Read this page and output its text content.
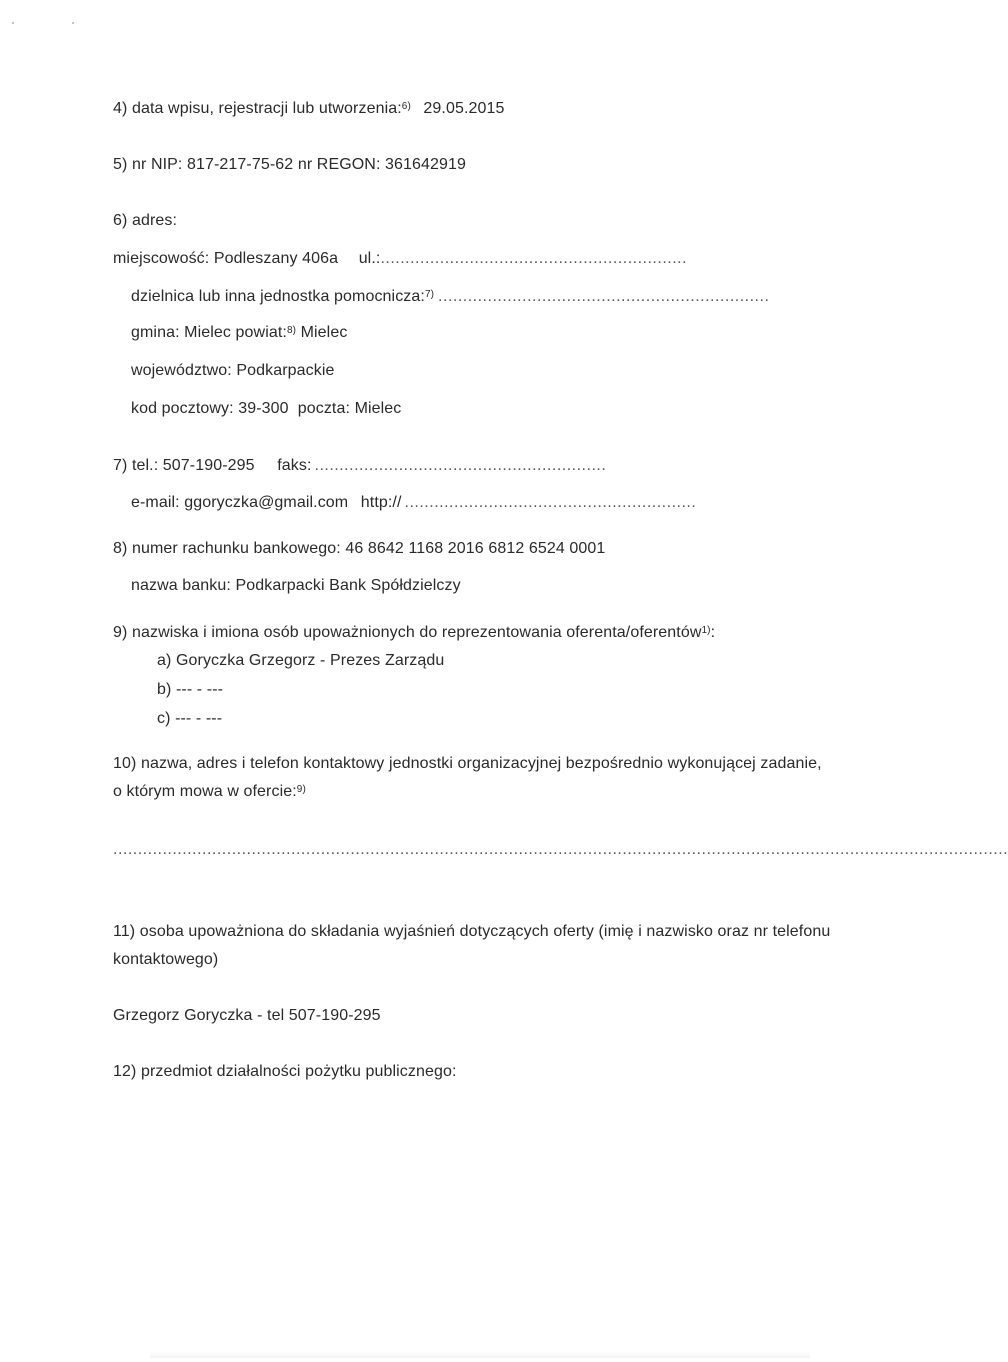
4) data wpisu, rejestracji lub utworzenia:$^{6)}$ 29.05.2015
5) nr NIP: 817-217-75-62 nr REGON: 361642919
6) adres:
miejscowość: Podleszany 406a ul.:..............................................................
dzielnica lub inna jednostka pomocnicza:$^{7)}$ ...................................................................
gmina: Mielec powiat:$^{8)}$ Mielec
województwo: Podkarpackie
kod pocztowy: 39-300  poczta: Mielec
7) tel.: 507-190-295 faks: ...........................................................
e-mail: ggoryczka@gmail.com http:// ...........................................................
8) numer rachunku bankowego: 46 8642 1168 2016 6812 6524 0001
nazwa banku: Podkarpacki Bank Spółdzielczy
9) nazwiska i imiona osób upoważnionych do reprezentowania oferenta/oferentów$^{1)}$:
a) Goryczka Grzegorz - Prezes Zarządu
b) --- - ---
c) --- - ---
10) nazwa, adres i telefon kontaktowy jednostki organizacyjnej bezpośrednio wykonującej zadanie,
o którym mowa w ofercie:$^{9)}$
.....................................................................................................................................................................................
11) osoba upoważniona do składania wyjaśnień dotyczących oferty (imię i nazwisko oraz nr telefonu
kontaktowego)
Grzegorz Goryczka - tel 507-190-295
12) przedmiot działalności pożytku publicznego:
